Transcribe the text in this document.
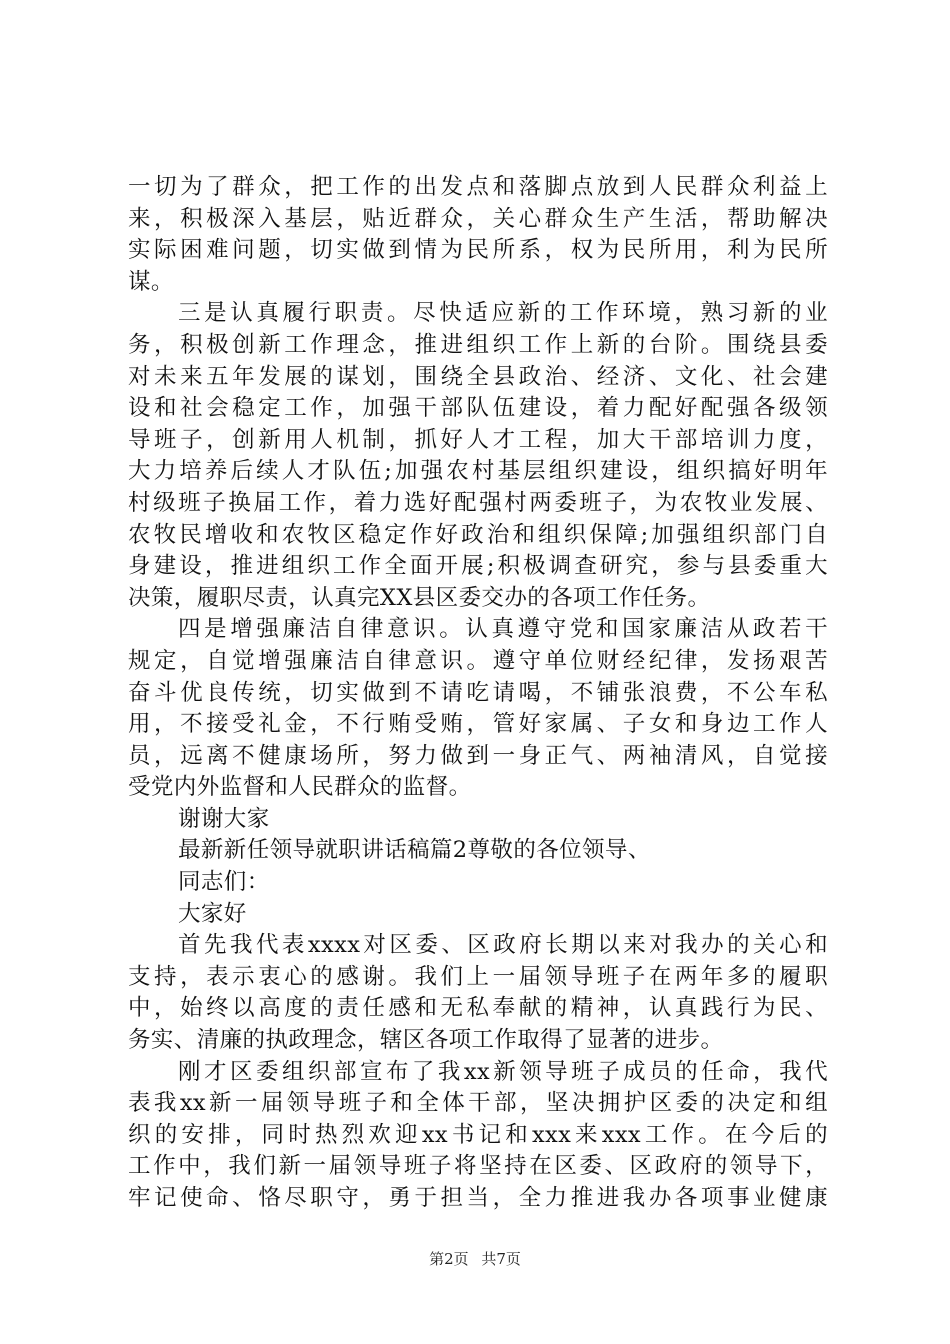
一切为了群众，把工作的出发点和落脚点放到人民群众利益上
来，积极深入基层，贴近群众，关心群众生产生活，帮助解决
实际困难问题，切实做到情为民所系，权为民所用，利为民所
谋。
三是认真履行职责。尽快适应新的工作环境，熟习新的业
务，积极创新工作理念，推进组织工作上新的台阶。围绕县委
对未来五年发展的谋划，围绕全县政治、经济、文化、社会建
设和社会稳定工作，加强干部队伍建设，着力配好配强各级领
导班子，创新用人机制，抓好人才工程，加大干部培训力度，
大力培养后续人才队伍;加强农村基层组织建设，组织搞好明年
村级班子换届工作，着力选好配强村两委班子，为农牧业发展、
农牧民增收和农牧区稳定作好政治和组织保障;加强组织部门自
身建设，推进组织工作全面开展;积极调查研究，参与县委重大
决策，履职尽责，认真完XX县区委交办的各项工作任务。
四是增强廉洁自律意识。认真遵守党和国家廉洁从政若干
规定，自觉增强廉洁自律意识。遵守单位财经纪律，发扬艰苦
奋斗优良传统，切实做到不请吃请喝，不铺张浪费，不公车私
用，不接受礼金，不行贿受贿，管好家属、子女和身边工作人
员，远离不健康场所，努力做到一身正气、两袖清风，自觉接
受党内外监督和人民群众的监督。
谢谢大家
最新新任领导就职讲话稿篇2尊敬的各位领导、
同志们：
大家好
首先我代表xxxx对区委、区政府长期以来对我办的关心和
支持，表示衷心的感谢。我们上一届领导班子在两年多的履职
中，始终以高度的责任感和无私奉献的精神，认真践行为民、
务实、清廉的执政理念，辖区各项工作取得了显著的进步。
刚才区委组织部宣布了我xx新领导班子成员的任命，我代
表我xx新一届领导班子和全体干部，坚决拥护区委的决定和组
织的安排，同时热烈欢迎xx书记和xxx来xxx工作。在今后的
工作中，我们新一届领导班子将坚持在区委、区政府的领导下，
牢记使命、恪尽职守，勇于担当，全力推进我办各项事业健康
第2页 共7页
